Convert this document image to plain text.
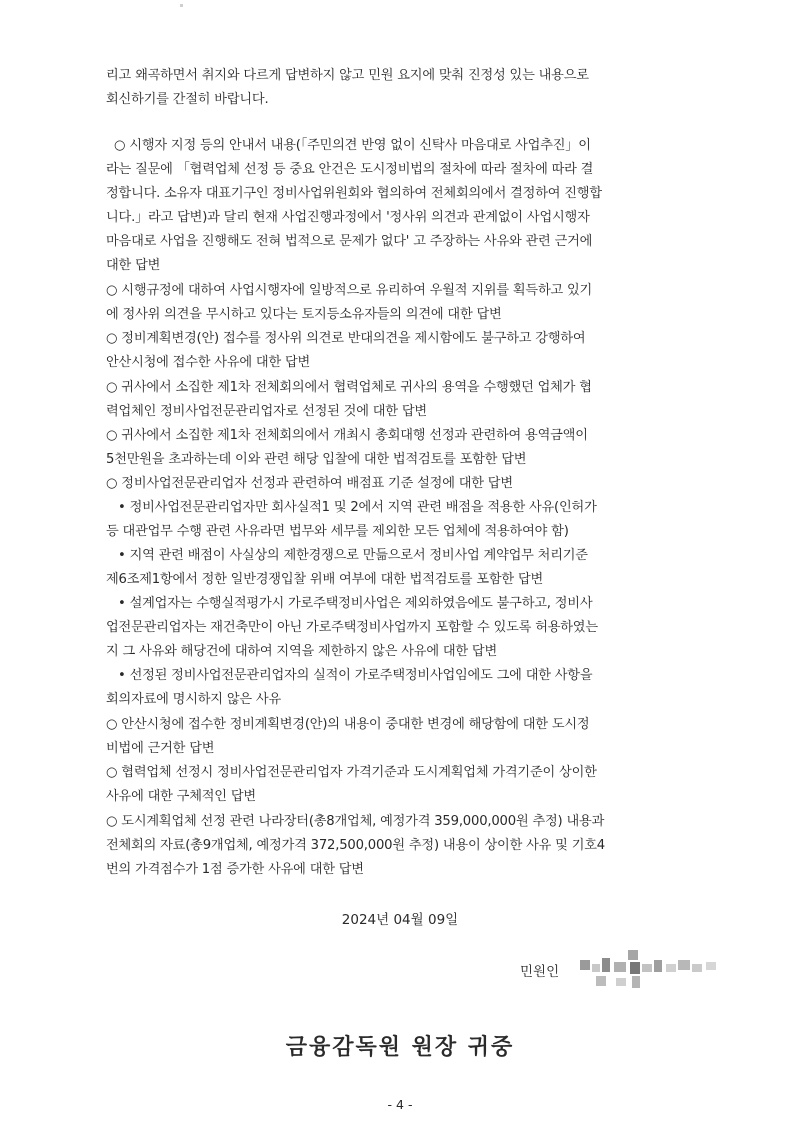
리고 왜곡하면서 취지와 다르게 답변하지 않고 민원 요지에 맞춰 진정성 있는 내용으로
회신하기를 간절히 바랍니다.
○ 시행자 지정 등의 안내서 내용(「주민의견 반영 없이 신탁사 마음대로 사업추진」이
라는 질문에 「협력업체 선정 등 중요 안건은 도시정비법의 절차에 따라 절차에 따라 결
정합니다. 소유자 대표기구인 정비사업위원회와 협의하여 전체회의에서 결정하여 진행합
니다.」라고 답변)과 달리 현재 사업진행과정에서 '정사위 의견과 관계없이 사업시행자
마음대로 사업을 진행해도 전혀 법적으로 문제가 없다' 고 주장하는 사유와 관련 근거에
대한 답변
○ 시행규정에 대하여 사업시행자에 일방적으로 유리하여 우월적 지위를 획득하고 있기
에 정사위 의견을 무시하고 있다는 토지등소유자들의 의견에 대한 답변
○ 정비계획변경(안) 접수를 정사위 의견로 반대의견을 제시함에도 불구하고 강행하여
안산시청에 접수한 사유에 대한 답변
○ 귀사에서 소집한 제1차 전체회의에서 협력업체로 귀사의 용역을 수행했던 업체가 협
력업체인 정비사업전문관리업자로 선정된 것에 대한 답변
○ 귀사에서 소집한 제1차 전체회의에서 개최시 총회대행 선정과 관련하여 용역금액이
5천만원을 초과하는데 이와 관련 해당 입찰에 대한 법적검토를 포함한 답변
○ 정비사업전문관리업자 선정과 관련하여 배점표 기준 설정에 대한 답변
• 정비사업전문관리업자만 회사실적1 및 2에서 지역 관련 배점을 적용한 사유(인허가
등 대관업무 수행 관련 사유라면 법무와 세무를 제외한 모든 업체에 적용하여야 함)
• 지역 관련 배점이 사실상의 제한경쟁으로 만듦으로서 정비사업 계약업무 처리기준
제6조제1항에서 정한 일반경쟁입찰 위배 여부에 대한 법적검토를 포함한 답변
• 설계업자는 수행실적평가시 가로주택정비사업은 제외하였음에도 불구하고, 정비사
업전문관리업자는 재건축만이 아닌 가로주택정비사업까지 포함할 수 있도록 허용하였는
지 그 사유와 해당건에 대하여 지역을 제한하지 않은 사유에 대한 답변
• 선정된 정비사업전문관리업자의 실적이 가로주택정비사업임에도 그에 대한 사항을
회의자료에 명시하지 않은 사유
○ 안산시청에 접수한 정비계획변경(안)의 내용이 중대한 변경에 해당함에 대한 도시정
비법에 근거한 답변
○ 협력업체 선정시 정비사업전문관리업자 가격기준과 도시계획업체 가격기준이 상이한
사유에 대한 구체적인 답변
○ 도시계획업체 선정 관련 나라장터(총8개업체, 예정가격 359,000,000원 추정) 내용과
전체회의 자료(총9개업체, 예정가격 372,500,000원 추정) 내용이 상이한 사유 및 기호4
번의 가격점수가 1점 증가한 사유에 대한 답변
2024년 04월 09일
민원인
금융감독원 원장 귀중
- 4 -
